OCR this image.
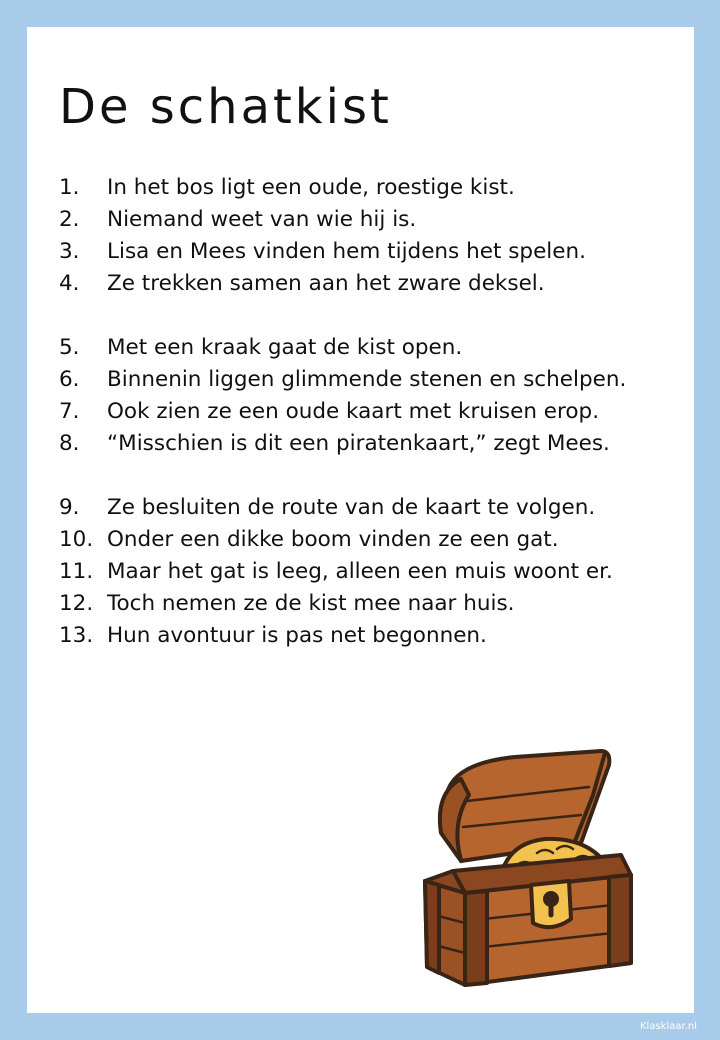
De schatkist
1.	In het bos ligt een oude, roestige kist.
2.	Niemand weet van wie hij is.
3.	Lisa en Mees vinden hem tijdens het spelen.
4.	Ze trekken samen aan het zware deksel.
5.	Met een kraak gaat de kist open.
6.	Binnenin liggen glimmende stenen en schelpen.
7.	Ook zien ze een oude kaart met kruisen erop.
8.	“Misschien is dit een piratenkaart,” zegt Mees.
9.	Ze besluiten de route van de kaart te volgen.
10. Onder een dikke boom vinden ze een gat.
11. Maar het gat is leeg, alleen een muis woont er.
12. Toch nemen ze de kist mee naar huis.
13. Hun avontuur is pas net begonnen.
Klasklaar.nl
